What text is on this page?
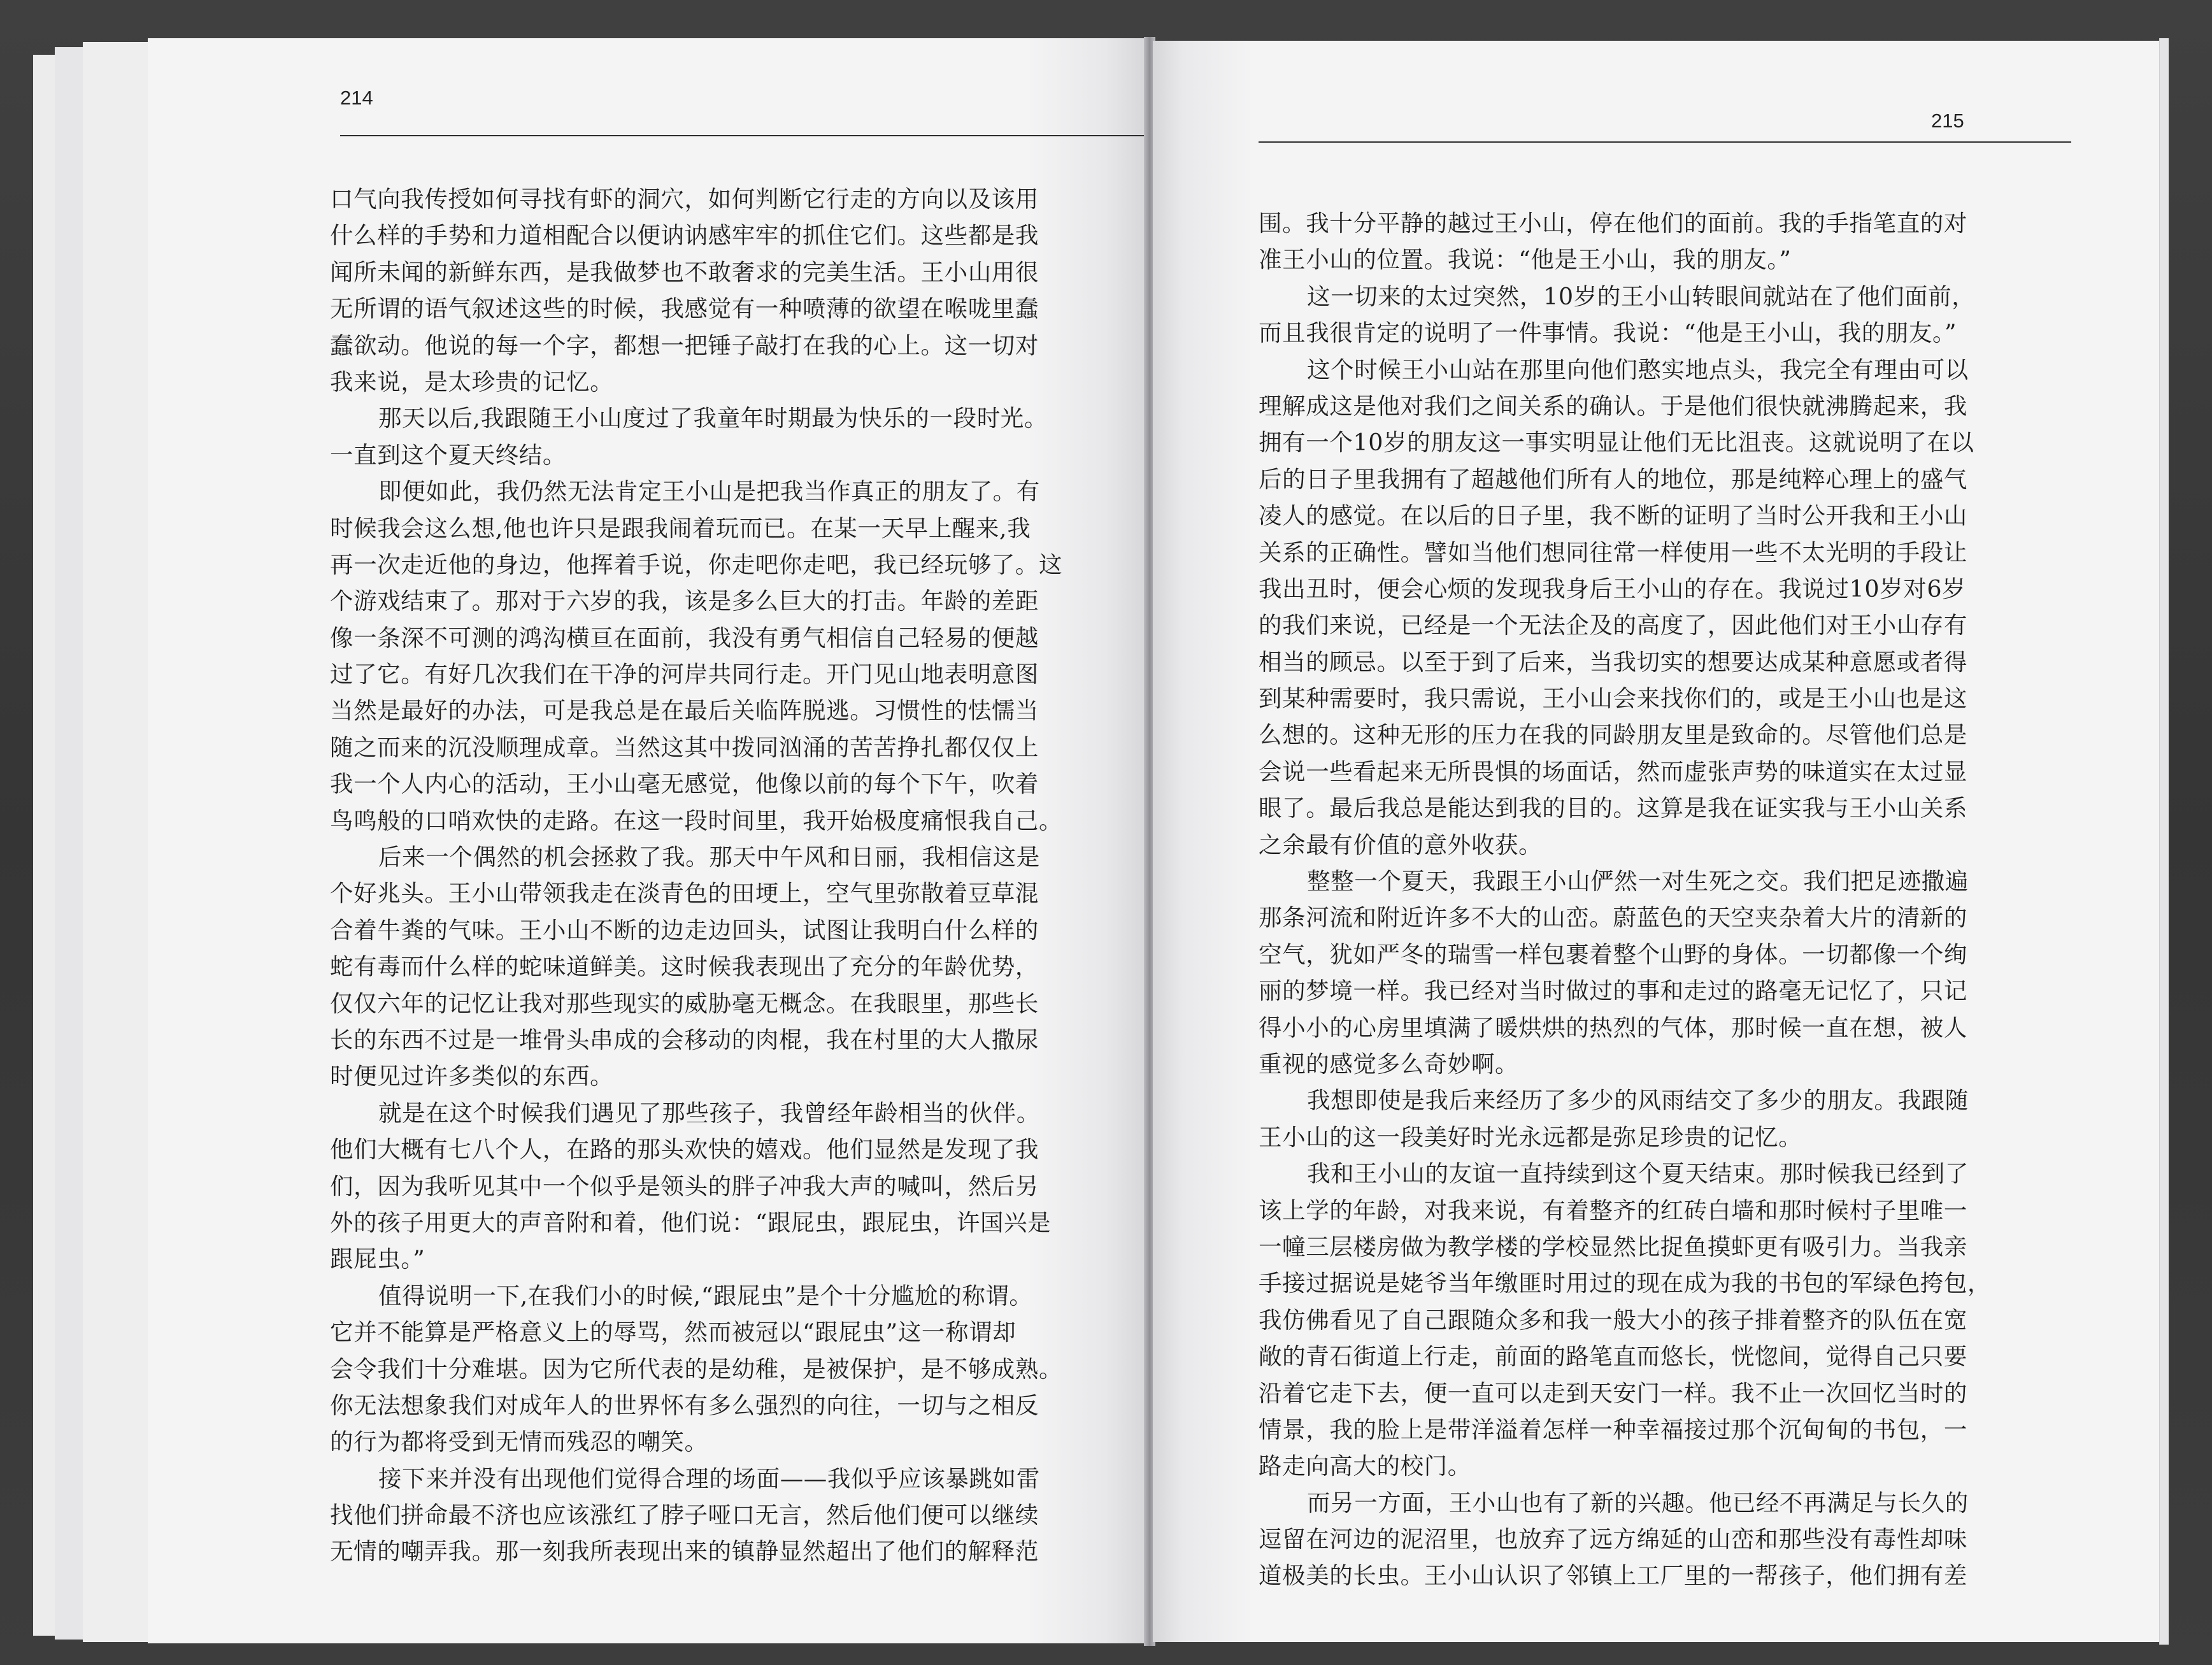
214
口气向我传授如何寻找有虾的洞穴，如何判断它行走的方向以及该用
什么样的手势和力道相配合以便讷讷感牢牢的抓住它们。这些都是我
闻所未闻的新鲜东西，是我做梦也不敢奢求的完美生活。王小山用很
无所谓的语气叙述这些的时候，我感觉有一种喷薄的欲望在喉咙里蠢
蠢欲动。他说的每一个字，都想一把锤子敲打在我的心上。这一切对
我来说，是太珍贵的记忆。
那天以后,我跟随王小山度过了我童年时期最为快乐的一段时光。
一直到这个夏天终结。
即便如此，我仍然无法肯定王小山是把我当作真正的朋友了。有
时候我会这么想,他也许只是跟我闹着玩而已。在某一天早上醒来,我
再一次走近他的身边，他挥着手说，你走吧你走吧，我已经玩够了。这
个游戏结束了。那对于六岁的我，该是多么巨大的打击。年龄的差距
像一条深不可测的鸿沟横亘在面前，我没有勇气相信自己轻易的便越
过了它。有好几次我们在干净的河岸共同行走。开门见山地表明意图
当然是最好的办法，可是我总是在最后关临阵脱逃。习惯性的怯懦当
随之而来的沉没顺理成章。当然这其中拨同汹涌的苦苦挣扎都仅仅上
我一个人内心的活动，王小山毫无感觉，他像以前的每个下午，吹着
鸟鸣般的口哨欢快的走路。在这一段时间里，我开始极度痛恨我自己。
后来一个偶然的机会拯救了我。那天中午风和日丽，我相信这是
个好兆头。王小山带领我走在淡青色的田埂上，空气里弥散着豆草混
合着牛粪的气味。王小山不断的边走边回头，试图让我明白什么样的
蛇有毒而什么样的蛇味道鲜美。这时候我表现出了充分的年龄优势，
仅仅六年的记忆让我对那些现实的威胁毫无概念。在我眼里，那些长
长的东西不过是一堆骨头串成的会移动的肉棍，我在村里的大人撒尿
时便见过许多类似的东西。
就是在这个时候我们遇见了那些孩子，我曾经年龄相当的伙伴。
他们大概有七八个人，在路的那头欢快的嬉戏。他们显然是发现了我
们，因为我听见其中一个似乎是领头的胖子冲我大声的喊叫，然后另
外的孩子用更大的声音附和着，他们说：“跟屁虫，跟屁虫，许国兴是
跟屁虫。”
值得说明一下,在我们小的时候,“跟屁虫”是个十分尴尬的称谓。
它并不能算是严格意义上的辱骂，然而被冠以“跟屁虫”这一称谓却
会令我们十分难堪。因为它所代表的是幼稚，是被保护，是不够成熟。
你无法想象我们对成年人的世界怀有多么强烈的向往，一切与之相反
的行为都将受到无情而残忍的嘲笑。
接下来并没有出现他们觉得合理的场面——我似乎应该暴跳如雷
找他们拼命最不济也应该涨红了脖子哑口无言，然后他们便可以继续
无情的嘲弄我。那一刻我所表现出来的镇静显然超出了他们的解释范
215
围。我十分平静的越过王小山，停在他们的面前。我的手指笔直的对
准王小山的位置。我说：“他是王小山，我的朋友。”
这一切来的太过突然，10岁的王小山转眼间就站在了他们面前，
而且我很肯定的说明了一件事情。我说：“他是王小山，我的朋友。”
这个时候王小山站在那里向他们憨实地点头，我完全有理由可以
理解成这是他对我们之间关系的确认。于是他们很快就沸腾起来，我
拥有一个10岁的朋友这一事实明显让他们无比沮丧。这就说明了在以
后的日子里我拥有了超越他们所有人的地位，那是纯粹心理上的盛气
凌人的感觉。在以后的日子里，我不断的证明了当时公开我和王小山
关系的正确性。譬如当他们想同往常一样使用一些不太光明的手段让
我出丑时，便会心烦的发现我身后王小山的存在。我说过10岁对6岁
的我们来说，已经是一个无法企及的高度了，因此他们对王小山存有
相当的顾忌。以至于到了后来，当我切实的想要达成某种意愿或者得
到某种需要时，我只需说，王小山会来找你们的，或是王小山也是这
么想的。这种无形的压力在我的同龄朋友里是致命的。尽管他们总是
会说一些看起来无所畏惧的场面话，然而虚张声势的味道实在太过显
眼了。最后我总是能达到我的目的。这算是我在证实我与王小山关系
之余最有价值的意外收获。
整整一个夏天，我跟王小山俨然一对生死之交。我们把足迹撒遍
那条河流和附近许多不大的山峦。蔚蓝色的天空夹杂着大片的清新的
空气，犹如严冬的瑞雪一样包裹着整个山野的身体。一切都像一个绚
丽的梦境一样。我已经对当时做过的事和走过的路毫无记忆了，只记
得小小的心房里填满了暖烘烘的热烈的气体，那时候一直在想，被人
重视的感觉多么奇妙啊。
我想即使是我后来经历了多少的风雨结交了多少的朋友。我跟随
王小山的这一段美好时光永远都是弥足珍贵的记忆。
我和王小山的友谊一直持续到这个夏天结束。那时候我已经到了
该上学的年龄，对我来说，有着整齐的红砖白墙和那时候村子里唯一
一幢三层楼房做为教学楼的学校显然比捉鱼摸虾更有吸引力。当我亲
手接过据说是姥爷当年缴匪时用过的现在成为我的书包的军绿色挎包，
我仿佛看见了自己跟随众多和我一般大小的孩子排着整齐的队伍在宽
敞的青石街道上行走，前面的路笔直而悠长，恍惚间，觉得自己只要
沿着它走下去，便一直可以走到天安门一样。我不止一次回忆当时的
情景，我的脸上是带洋溢着怎样一种幸福接过那个沉甸甸的书包，一
路走向高大的校门。
而另一方面，王小山也有了新的兴趣。他已经不再满足与长久的
逗留在河边的泥沼里，也放弃了远方绵延的山峦和那些没有毒性却味
道极美的长虫。王小山认识了邻镇上工厂里的一帮孩子，他们拥有差
